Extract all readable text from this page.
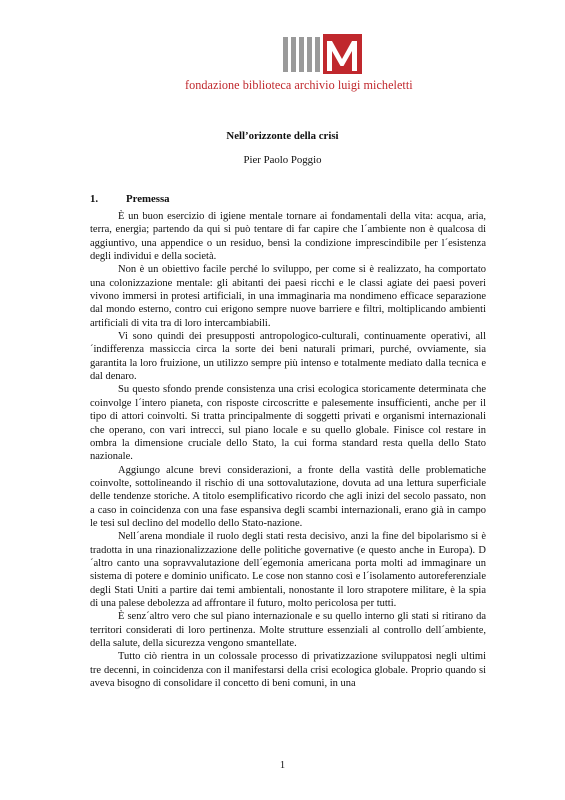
fondazione biblioteca archivio luigi micheletti
Nell’orizzonte della crisi
Pier Paolo Poggio
1.	Premessa

È un buon esercizio di igiene mentale tornare ai fondamentali della vita: acqua, aria, terra, energia; partendo da qui si può tentare di far capire che l´ambiente non è qualcosa di aggiuntivo, una appendice o un residuo, bensì la condizione imprescindibile per l´esistenza degli individui e della società.

Non è un obiettivo facile perché lo sviluppo, per come si è realizzato, ha comportato una colonizzazione mentale: gli abitanti dei paesi ricchi e le classi agiate dei paesi poveri vivono immersi in protesi artificiali, in una immaginaria ma nondimeno efficace separazione dal mondo esterno, contro cui erigono sempre nuove barriere e filtri, moltiplicando ambienti artificiali di vita tra di loro intercambiabili.

Vi sono quindi dei presupposti antropologico-culturali, continuamente operativi, all´indifferenza massiccia circa la sorte dei beni naturali primari, purché, ovviamente, sia garantita la loro fruizione, un utilizzo sempre più intenso e totalmente mediato dalla tecnica e dal denaro.

Su questo sfondo prende consistenza una crisi ecologica storicamente determinata che coinvolge l´intero pianeta, con risposte circoscritte e palesemente insufficienti, anche per il tipo di attori coinvolti. Si tratta principalmente di soggetti privati e organismi internazionali che operano, con vari intrecci, sul piano locale e su quello globale. Finisce col restare in ombra la dimensione cruciale dello Stato, la cui forma standard resta quella dello Stato nazionale.

Aggiungo alcune brevi considerazioni, a fronte della vastità delle problematiche coinvolte, sottolineando il rischio di una sottovalutazione, dovuta ad una lettura superficiale delle tendenze storiche. A titolo esemplificativo ricordo che agli inizi del secolo passato, non a caso in coincidenza con una fase espansiva degli scambi internazionali, erano già in campo le tesi sul declino del modello dello Stato-nazione.

Nell´arena mondiale il ruolo degli stati resta decisivo, anzi la fine del bipolarismo si è tradotta in una rinazionalizzazione delle politiche governative (e questo anche in Europa). D´altro canto una sopravvalutazione dell´egemonia americana porta molti ad immaginare un sistema di potere e dominio unificato. Le cose non stanno così e l´isolamento autoreferenziale degli Stati Uniti a partire dai temi ambientali, nonostante il loro strapotere militare, è la spia di una palese debolezza ad affrontare il futuro, molto pericolosa per tutti.

È senz´altro vero che sul piano internazionale e su quello interno gli stati si ritirano da territori considerati di loro pertinenza. Molte strutture essenziali al controllo dell´ambiente, della salute, della sicurezza vengono smantellate.

Tutto ciò rientra in un colossale processo di privatizzazione sviluppatosi negli ultimi tre decenni, in coincidenza con il manifestarsi della crisi ecologica globale. Proprio quando si aveva bisogno di consolidare il concetto di beni comuni, in una

1
